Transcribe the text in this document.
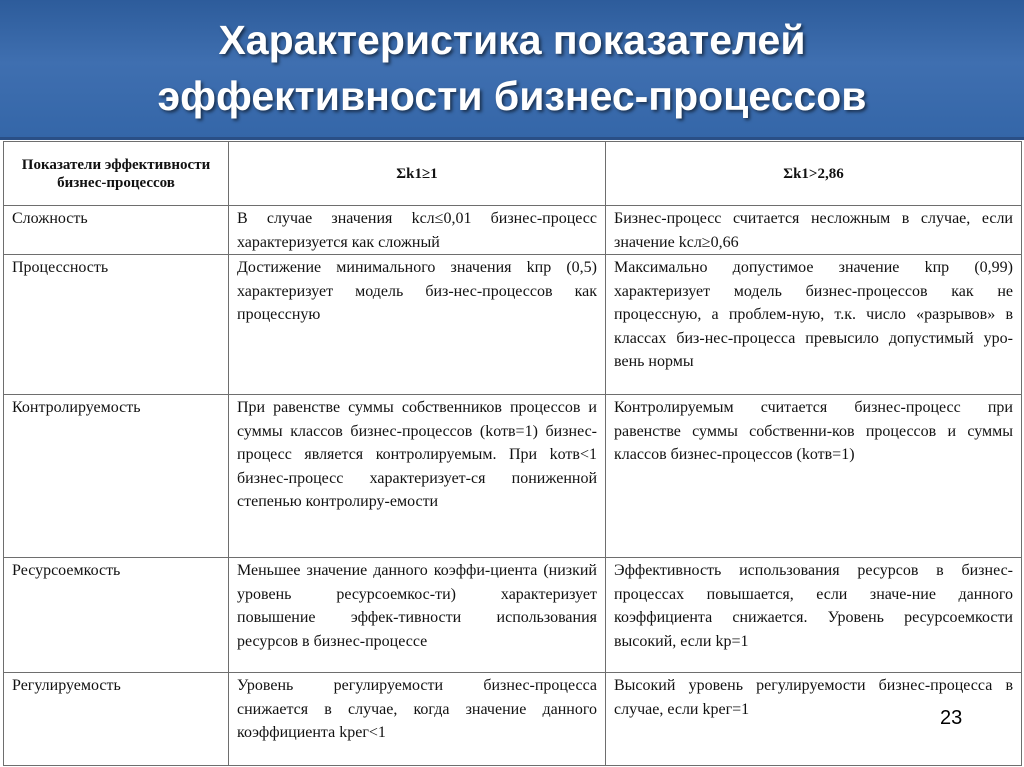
Характеристика показателей
эффективности бизнес-процессов
Показатели эффективности бизнес-процессов	Σk1≥1	Σk1>2,86
Сложность	В случае значения kсл≤0,01 бизнес-процесс характеризуется как сложный	Бизнес-процесс считается несложным в случае, если значение kсл≥0,66
Процессность	Достижение минимального значения kпр (0,5) характеризует модель биз-нес-процессов как процессную	Максимально допустимое значение kпр (0,99) характеризует модель бизнес-процессов как не процессную, а проблем-ную, т.к. число «разрывов» в классах биз-нес-процесса превысило допустимый уро-вень нормы
Контролируемость	При равенстве суммы собственников процессов и суммы классов бизнес-процессов (kотв=1) бизнес-процесс является контролируемым. При kотв<1 бизнес-процесс характеризует-ся пониженной степенью контролиру-емости	Контролируемым считается бизнес-процесс при равенстве суммы собственни-ков процессов и суммы классов бизнес-процессов (kотв=1)
Ресурсоемкость	Меньшее значение данного коэффи-циента (низкий уровень ресурсоемкос-ти) характеризует повышение эффек-тивности использования ресурсов в бизнес-процессе	Эффективность использования ресурсов в бизнес-процессах повышается, если значе-ние данного коэффициента снижается. Уровень ресурсоемкости высокий, если kр=1
Регулируемость	Уровень регулируемости бизнес-процесса снижается в случае, когда значение данного коэффициента kрег<1	Высокий уровень регулируемости бизнес-процесса в случае, если kрег=1	23
